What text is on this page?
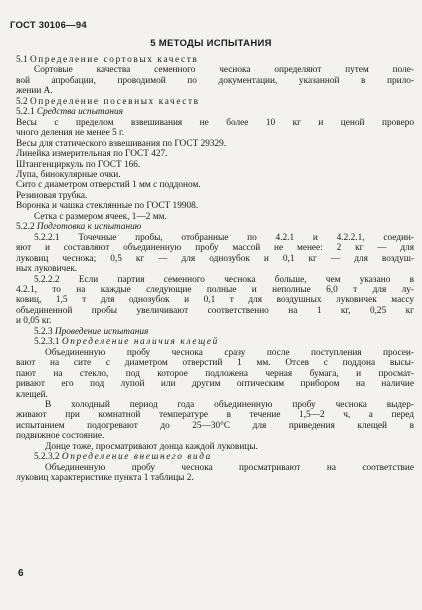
ГОСТ 30106—94
5 МЕТОДЫ ИСПЫТАНИЯ
5.1 Определение сортовых качеств
Сортовые качества семенного чеснока определяют путем поле-
вой апробации, проводимой по документации, указанной в прило-
жении А.
5.2 Определение посевных качеств
5.2.1 Средства испытания
Весы с пределом взвешивания не более 10 кг и ценой проверо
чного деления не менее 5 г.
Весы для статического взвешивания по ГОСТ 29329.
Линейка измерительная по ГОСТ 427.
Штангенциркуль по ГОСТ 166.
Лупа, бинокулярные очки.
Сито с диаметром отверстий 1 мм с поддоном.
Резиновая трубка.
Воронка и чашка стеклянные по ГОСТ 19908.
Сетка с размером ячеек, 1—2 мм.
5.2.2 Подготовка к испытанию
5.2.2.1 Точечные пробы, отобранные по 4.2.1 и 4.2.2.1, соедин-
яют и составляют объединенную пробу массой не менее: 2 кг — для
луковиц чеснока; 0,5 кг — для однозубок и 0,1 кг — для воздуш-
ных луковичек.
5.2.2.2 Если партия семенного чеснока больше, чем указано в
4.2.1, то на каждые следующие полные и неполные 6,0 т для лу-
ковиц, 1,5 т для однозубок и 0,1 т для воздушных луковичек массу
объединенной пробы увеличивают соответственно на 1 кг, 0,25 кг
и 0,05 кг.
5.2.3 Проведение испытания
5.2.3.1 Определение наличия клещей
Объединенную пробу чеснока сразу после поступления просеи-
вают на сите с диаметром отверстий 1 мм. Отсев с поддона высы-
пают на стекло, под которое подложена черная бумага, и просмат-
ривают его под лупой или другим оптическим прибором на наличие
клещей.
В холодный период года объединенную пробу чеснока выдер-
живают при комнатной температуре в течение 1,5—2 ч, а перед
испытанием подогревают до 25—30°С для приведения клещей в
подвижное состояние.
Донце тоже, просматривают донца каждой луковицы.
5.2.3.2 Определение внешнего вида
Объединенную пробу чеснока просматривают на соответствие
луковиц характеристике пункта 1 таблицы 2.
6
